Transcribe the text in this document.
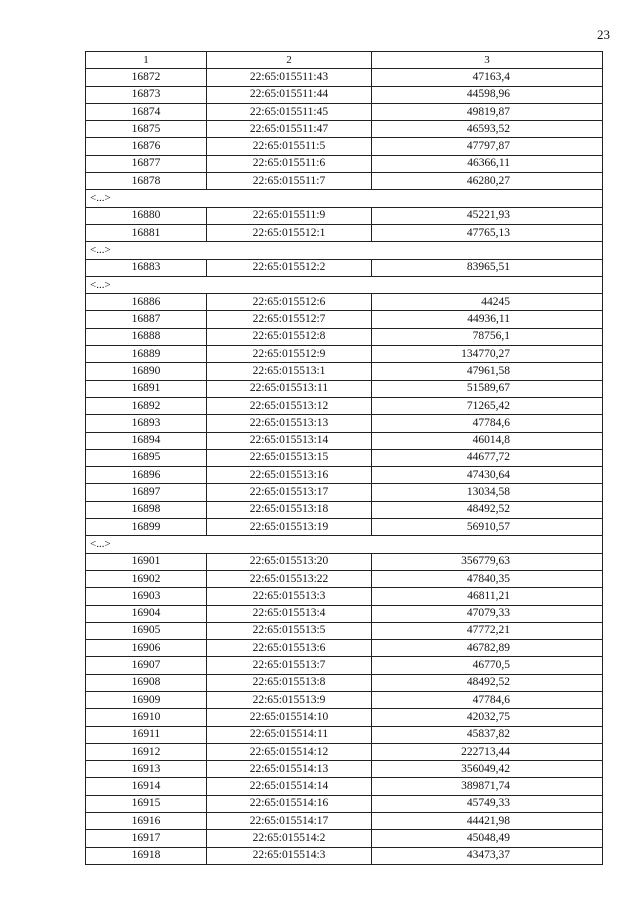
23
1	2	3
16872	22:65:015511:43	47163,4
16873	22:65:015511:44	44598,96
16874	22:65:015511:45	49819,87
16875	22:65:015511:47	46593,52
16876	22:65:015511:5	47797,87
16877	22:65:015511:6	46366,11
16878	22:65:015511:7	46280,27
<...>		
16880	22:65:015511:9	45221,93
16881	22:65:015512:1	47765,13
<...>		
16883	22:65:015512:2	83965,51
<...>		
16886	22:65:015512:6	44245
16887	22:65:015512:7	44936,11
16888	22:65:015512:8	78756,1
16889	22:65:015512:9	134770,27
16890	22:65:015513:1	47961,58
16891	22:65:015513:11	51589,67
16892	22:65:015513:12	71265,42
16893	22:65:015513:13	47784,6
16894	22:65:015513:14	46014,8
16895	22:65:015513:15	44677,72
16896	22:65:015513:16	47430,64
16897	22:65:015513:17	13034,58
16898	22:65:015513:18	48492,52
16899	22:65:015513:19	56910,57
<...>		
16901	22:65:015513:20	356779,63
16902	22:65:015513:22	47840,35
16903	22:65:015513:3	46811,21
16904	22:65:015513:4	47079,33
16905	22:65:015513:5	47772,21
16906	22:65:015513:6	46782,89
16907	22:65:015513:7	46770,5
16908	22:65:015513:8	48492,52
16909	22:65:015513:9	47784,6
16910	22:65:015514:10	42032,75
16911	22:65:015514:11	45837,82
16912	22:65:015514:12	222713,44
16913	22:65:015514:13	356049,42
16914	22:65:015514:14	389871,74
16915	22:65:015514:16	45749,33
16916	22:65:015514:17	44421,98
16917	22:65:015514:2	45048,49
16918	22:65:015514:3	43473,37
